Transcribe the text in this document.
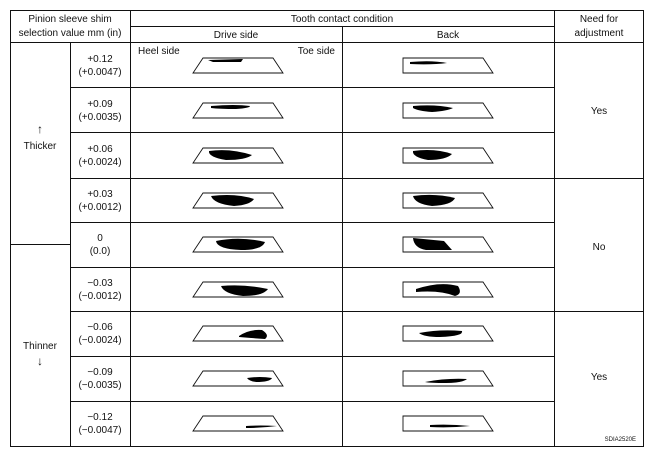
Pinion sleeve shim
selection value mm (in)
Tooth contact condition
Drive side	Back
Need for
adjustment
Heel side	Toe side
↑
Thicker
Thinner
↓
+0.12
(+0.0047)
+0.09
(+0.0035)
+0.06
(+0.0024)
+0.03
(+0.0012)
0
(0.0)
−0.03
(−0.0012)
−0.06
(−0.0024)
−0.09
(−0.0035)
−0.12
(−0.0047)
Yes
No
Yes
SDIA2520E
